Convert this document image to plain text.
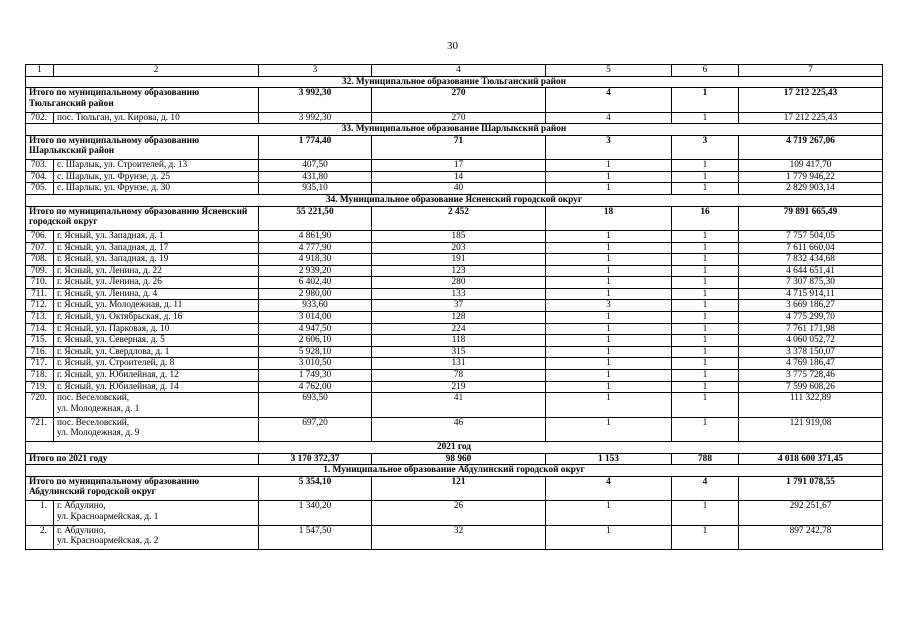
30
1	2	3	4	5	6	7
32. Муниципальное образование Тюльганский район						
Итого по муниципальному образованию Тюльганский район		3 992,30	270	4	1	17 212 225,43
702.	пос. Тюльган, ул. Кирова, д. 10	3 992,30	270	4	1	17 212 225,43
33. Муниципальное образование Шарлыкский район						
Итого по муниципальному образованию Шарлыкский район		1 774,40	71	3	3	4 719 267,06
703.	с. Шарлык, ул. Строителей, д. 13	407,50	17	1	1	109 417,70
704.	с. Шарлык, ул. Фрунзе, д. 25	431,80	14	1	1	1 779 946,22
705.	с. Шарлык, ул. Фрунзе, д. 30	935,10	40	1	1	2 829 903,14
34. Муниципальное образование Ясненский городской округ						
Итого по муниципальному образованию Ясненский городской округ		55 221,50	2 452	18	16	79 891 665,49
706.	г. Ясный, ул. Западная, д. 1	4 861,90	185	1	1	7 757 504,05
707.	г. Ясный, ул. Западная, д. 17	4 777,90	203	1	1	7 611 660,04
708.	г. Ясный, ул. Западная, д. 19	4 918,30	191	1	1	7 832 434,68
709.	г. Ясный, ул. Ленина, д. 22	2 939,20	123	1	1	4 644 651,41
710.	г. Ясный, ул. Ленина, д. 26	6 402,40	280	1	1	7 307 875,30
711.	г. Ясный, ул. Ленина, д. 4	2 980,00	133	1	1	4 715 914,11
712.	г. Ясный, ул. Молодежная, д. 11	933,60	37	3	1	3 669 186,27
713.	г. Ясный, ул. Октябрьская, д. 16	3 014,00	128	1	1	4 775 299,70
714.	г. Ясный, ул. Парковая, д. 10	4 947,50	224	1	1	7 761 171,98
715.	г. Ясный, ул. Северная, д. 5	2 606,10	118	1	1	4 060 052,72
716.	г. Ясный, ул. Свердлова, д. 1	5 928,10	315	1	1	3 378 150,07
717.	г. Ясный, ул. Строителей, д. 8	3 010,50	131	1	1	4 769 186,47
718.	г. Ясный, ул. Юбилейная, д. 12	1 749,30	78	1	1	3 775 728,46
719.	г. Ясный, ул. Юбилейная, д. 14	4 762,00	219	1	1	7 599 608,26
720.	пос. Веселовский,
ул. Молодежная, д. 1	693,50	41	1	1	111 322,89
721.	пос. Веселовский,
ул. Молодежная, д. 9	697,20	46	1	1	121 919,08
2021 год						
Итого по 2021 году		3 170 372,37	98 960	1 153	788	4 018 600 371,45
1. Муниципальное образование Абдулинский городской округ						
Итого по муниципальному образованию Абдулинский городской округ		5 354,10	121	4	4	1 791 078,55
1.	г. Абдулино,
ул. Красноармейская, д. 1	1 340,20	26	1	1	292 251,67
2.	г. Абдулино,
ул. Красноармейская, д. 2	1 547,50	32	1	1	897 242,78
